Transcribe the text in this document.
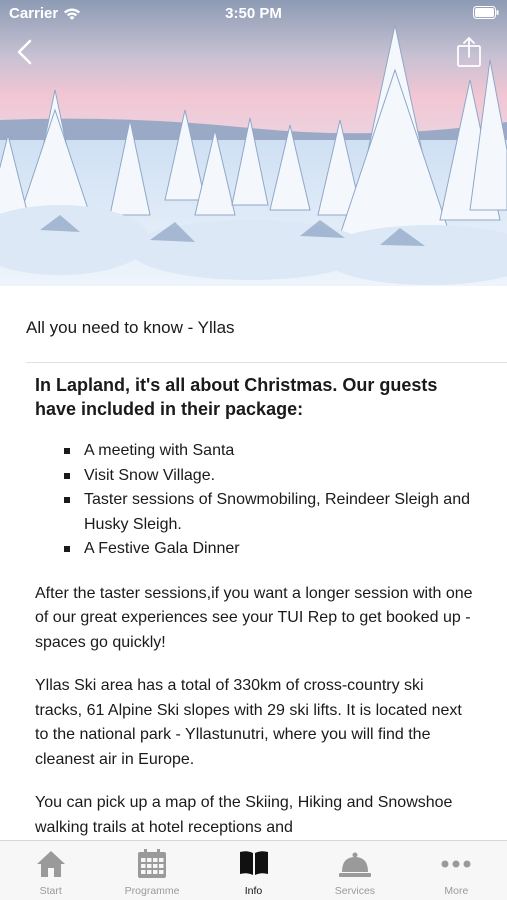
Carrier	3:50 PM
All you need to know - Yllas
In Lapland, it's all about Christmas. Our guests have included in their package:
A meeting with Santa
Visit Snow Village.
Taster sessions of Snowmobiling, Reindeer Sleigh and Husky Sleigh.
A Festive Gala Dinner

After the taster sessions,if you want a longer session with one of our great experiences see your TUI Rep to get booked up - spaces go quickly!

Yllas Ski area has a total of 330km of cross-country ski tracks, 61 Alpine Ski slopes with 29 ski lifts. It is located next to the national park - Yllastunutri, where you will find the cleanest air in Europe.

You can pick up a map of the Skiing, Hiking and Snowshoe walking trails at hotel receptions and

Start	Programme	Info	Services	More
